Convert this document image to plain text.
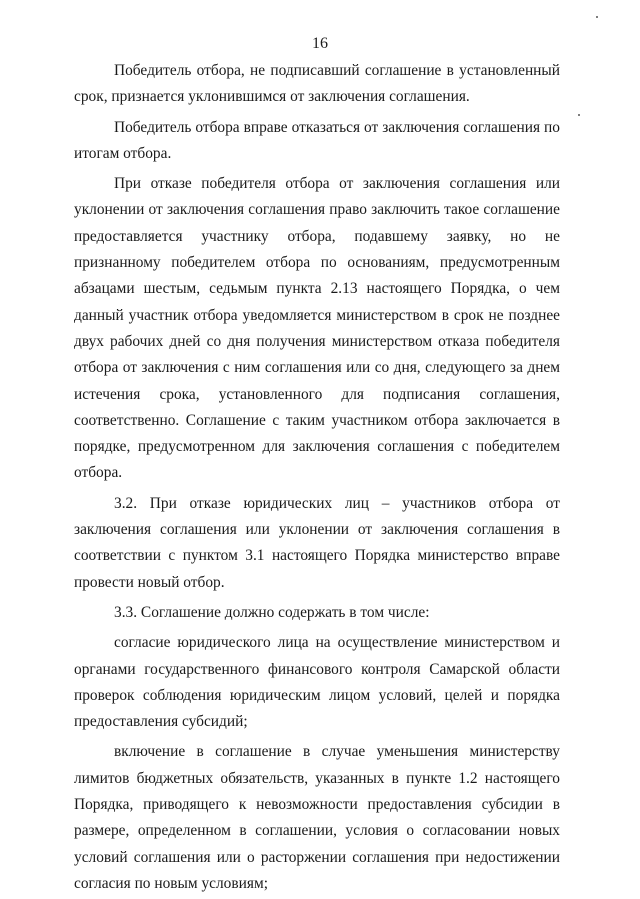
16

Победитель отбора, не подписавший соглашение в установленный срок, признается уклонившимся от заключения соглашения.

Победитель отбора вправе отказаться от заключения соглашения по итогам отбора.

При отказе победителя отбора от заключения соглашения или уклонении от заключения соглашения право заключить такое соглашение предоставляется участнику отбора, подавшему заявку, но не признанному победителем отбора по основаниям, предусмотренным абзацами шестым, седьмым пункта 2.13 настоящего Порядка, о чем данный участник отбора уведомляется министерством в срок не позднее двух рабочих дней со дня получения министерством отказа победителя отбора от заключения с ним соглашения или со дня, следующего за днем истечения срока, установленного для подписания соглашения, соответственно. Соглашение с таким участником отбора заключается в порядке, предусмотренном для заключения соглашения с победителем отбора.

3.2. При отказе юридических лиц – участников отбора от заключения соглашения или уклонении от заключения соглашения в соответствии с пунктом 3.1 настоящего Порядка министерство вправе провести новый отбор.

3.3. Соглашение должно содержать в том числе:

согласие юридического лица на осуществление министерством и органами государственного финансового контроля Самарской области проверок соблюдения юридическим лицом условий, целей и порядка предоставления субсидий;

включение в соглашение в случае уменьшения министерству лимитов бюджетных обязательств, указанных в пункте 1.2 настоящего Порядка, приводящего к невозможности предоставления субсидии в размере, определенном в соглашении, условия о согласовании новых условий соглашения или о расторжении соглашения при недостижении согласия по новым условиям;
